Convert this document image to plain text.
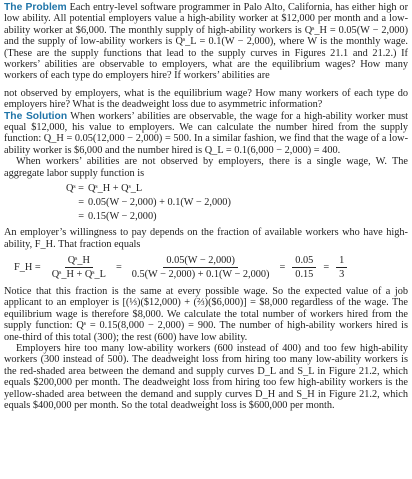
The Problem Each entry-level software programmer in Palo Alto, California, has either high or low ability. All potential employers value a high-ability worker at $12,000 per month and a low-ability worker at $6,000. The monthly supply of high-ability workers is Qˢ_H = 0.05(W − 2,000) and the supply of low-ability workers is Qˢ_L = 0.1(W − 2,000), where W is the monthly wage. (These are the supply functions that lead to the supply curves in Figures 21.1 and 21.2.) If workers’ abilities are observable to employers, what are the equilibrium wages? How many workers of each type do employers hire? If workers’ abilities are

not observed by employers, what is the equilibrium wage? How many workers of each type do employers hire? What is the deadweight loss due to asymmetric information?

The Solution When workers’ abilities are observable, the wage for a high-ability worker must equal $12,000, his value to employers. We can calculate the number hired from the supply function: Q_H = 0.05(12,000 − 2,000) = 500. In a similar fashion, we find that the wage of a low-ability worker is $6,000 and the number hired is Q_L = 0.1(6,000 − 2,000) = 400.

When workers’ abilities are not observed by employers, there is a single wage, W. The aggregate labor supply function is

Qˢ = Qˢ_H + Qˢ_L
= 0.05(W − 2,000) + 0.1(W − 2,000)
= 0.15(W − 2,000)

An employer’s willingness to pay depends on the fraction of available workers who have high-ability, F_H. That fraction equals

F_H = $\frac{\text{Qˢ\_H}}{\text{Qˢ\_H + Qˢ\_L}} = \frac{0.05(W - 2,000)}{0.5(W - 2,000) + 0.1(W - 2,000)} = \frac{0.05}{0.15} = \frac{1}{3}$

Notice that this fraction is the same at every possible wage. So the expected value of a job applicant to an employer is [(⅓)($12,000) + (⅔)($6,000)] = $8,000 regardless of the wage. The equilibrium wage is therefore $8,000. We calculate the total number of workers hired from the supply function: Qˢ = 0.15(8,000 − 2,000) = 900. The number of high-ability workers hired is one-third of this total (300); the rest (600) have low ability.

Employers hire too many low-ability workers (600 instead of 400) and too few high-ability workers (300 instead of 500). The deadweight loss from hiring too many low-ability workers is the red-shaded area between the demand and supply curves D_L and S_L in Figure 21.2, which equals $200,000 per month. The deadweight loss from hiring too few high-ability workers is the yellow-shaded area between the demand and supply curves D_H and S_H in Figure 21.2, which equals $400,000 per month. So the total deadweight loss is $600,000 per month.
